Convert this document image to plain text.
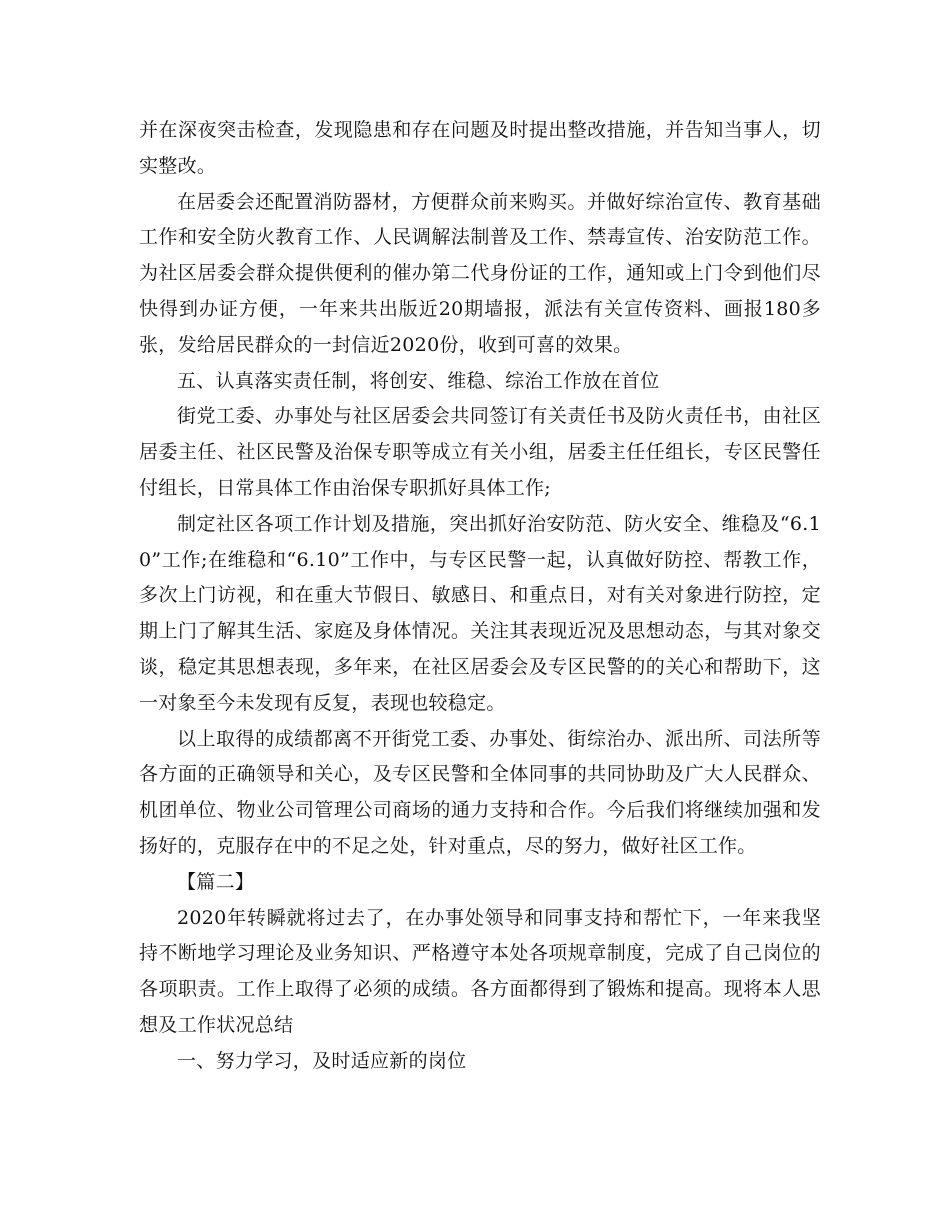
并在深夜突击检查，发现隐患和存在问题及时提出整改措施，并告知当事人，切实整改。

在居委会还配置消防器材，方便群众前来购买。并做好综治宣传、教育基础工作和安全防火教育工作、人民调解法制普及工作、禁毒宣传、治安防范工作。为社区居委会群众提供便利的催办第二代身份证的工作，通知或上门令到他们尽快得到办证方便，一年来共出版近20期墙报，派法有关宣传资料、画报180多张，发给居民群众的一封信近2020份，收到可喜的效果。

五、认真落实责任制，将创安、维稳、综治工作放在首位

街党工委、办事处与社区居委会共同签订有关责任书及防火责任书，由社区居委主任、社区民警及治保专职等成立有关小组，居委主任任组长，专区民警任付组长，日常具体工作由治保专职抓好具体工作;

制定社区各项工作计划及措施，突出抓好治安防范、防火安全、维稳及“6.10”工作;在维稳和“6.10”工作中，与专区民警一起，认真做好防控、帮教工作，多次上门访视，和在重大节假日、敏感日、和重点日，对有关对象进行防控，定期上门了解其生活、家庭及身体情况。关注其表现近况及思想动态，与其对象交谈，稳定其思想表现，多年来，在社区居委会及专区民警的的关心和帮助下，这一对象至今未发现有反复，表现也较稳定。

以上取得的成绩都离不开街党工委、办事处、街综治办、派出所、司法所等各方面的正确领导和关心，及专区民警和全体同事的共同协助及广大人民群众、机团单位、物业公司管理公司商场的通力支持和合作。今后我们将继续加强和发扬好的，克服存在中的不足之处，针对重点，尽的努力，做好社区工作。

【篇二】

2020年转瞬就将过去了，在办事处领导和同事支持和帮忙下，一年来我坚持不断地学习理论及业务知识、严格遵守本处各项规章制度，完成了自己岗位的各项职责。工作上取得了必须的成绩。各方面都得到了锻炼和提高。现将本人思想及工作状况总结

一、努力学习，及时适应新的岗位
